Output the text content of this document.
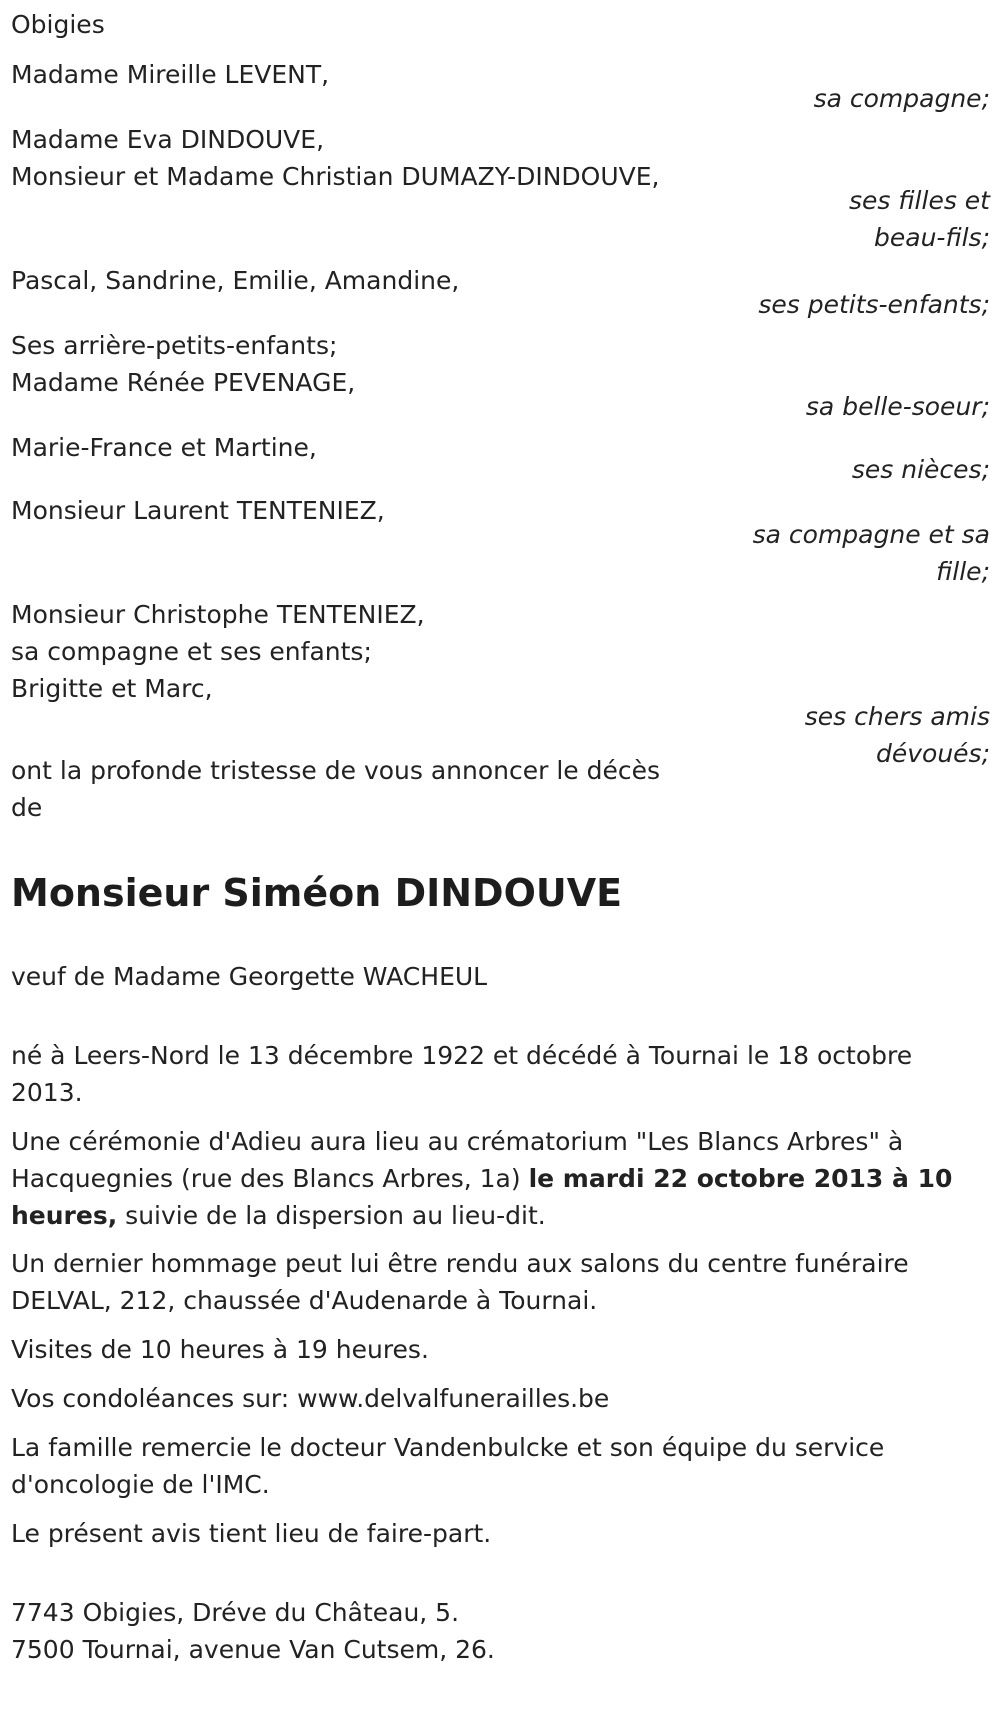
Obigies
Madame Mireille LEVENT,
sa compagne;
Madame Eva DINDOUVE,
Monsieur et Madame Christian DUMAZY-DINDOUVE,
ses filles et
beau-fils;
Pascal, Sandrine, Emilie, Amandine,
ses petits-enfants;
Ses arrière-petits-enfants;
Madame Rénée PEVENAGE,
sa belle-soeur;
Marie-France et Martine,
ses nièces;
Monsieur Laurent TENTENIEZ,
sa compagne et sa
fille;
Monsieur Christophe TENTENIEZ,
sa compagne et ses enfants;
Brigitte et Marc,
ses chers amis
dévoués;
ont la profonde tristesse de vous annoncer le décès
de
Monsieur Siméon DINDOUVE
veuf de Madame Georgette WACHEUL
né à Leers-Nord le 13 décembre 1922 et décédé à Tournai le 18 octobre
2013.
Une cérémonie d'Adieu aura lieu au crématorium "Les Blancs Arbres" à
Hacquegnies (rue des Blancs Arbres, 1a) le mardi 22 octobre 2013 à 10
heures, suivie de la dispersion au lieu-dit.
Un dernier hommage peut lui être rendu aux salons du centre funéraire
DELVAL, 212, chaussée d'Audenarde à Tournai.
Visites de 10 heures à 19 heures.
Vos condoléances sur: www.delvalfunerailles.be
La famille remercie le docteur Vandenbulcke et son équipe du service
d'oncologie de l'IMC.
Le présent avis tient lieu de faire-part.
7743 Obigies, Dréve du Château, 5.
7500 Tournai, avenue Van Cutsem, 26.
